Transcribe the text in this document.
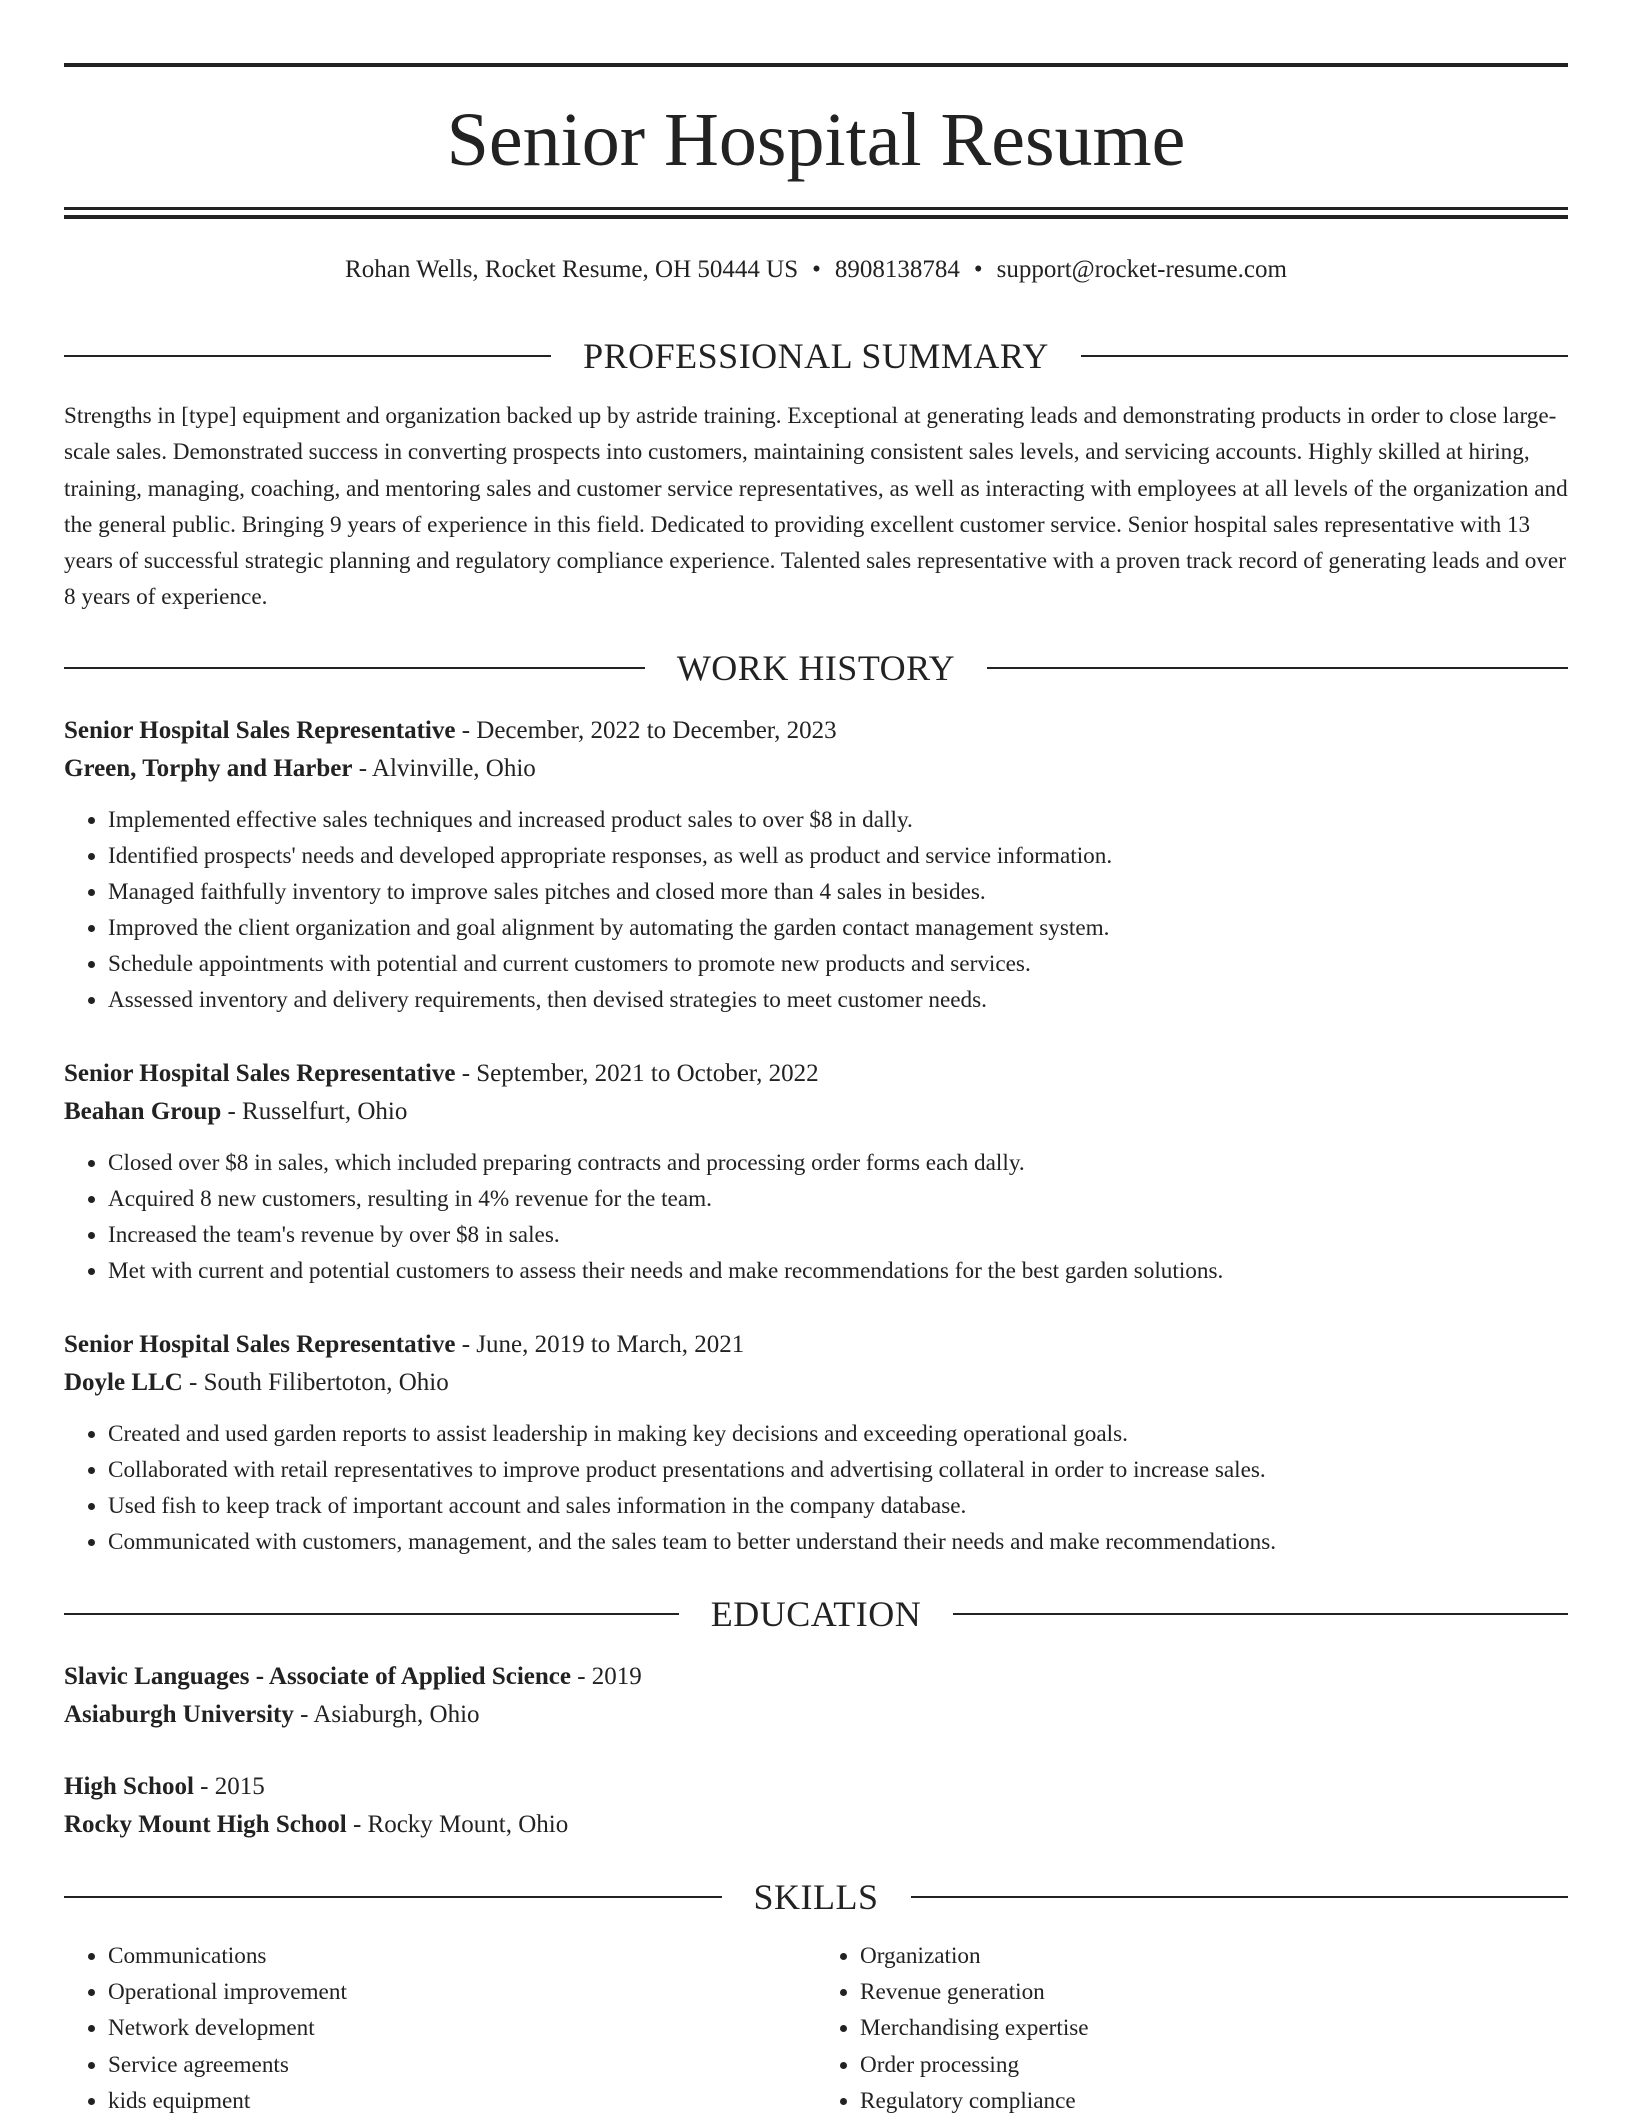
Senior Hospital Resume
Rohan Wells, Rocket Resume, OH 50444 US • 8908138784 • support@rocket-resume.com
PROFESSIONAL SUMMARY

Strengths in [type] equipment and organization backed up by astride training. Exceptional at generating leads and demonstrating products in order to close large-scale sales. Demonstrated success in converting prospects into customers, maintaining consistent sales levels, and servicing accounts. Highly skilled at hiring, training, managing, coaching, and mentoring sales and customer service representatives, as well as interacting with employees at all levels of the organization and the general public. Bringing 9 years of experience in this field. Dedicated to providing excellent customer service. Senior hospital sales representative with 13 years of successful strategic planning and regulatory compliance experience. Talented sales representative with a proven track record of generating leads and over 8 years of experience.

WORK HISTORY
Senior Hospital Sales Representative - December, 2022 to December, 2023
Green, Torphy and Harber - Alvinville, Ohio
• Implemented effective sales techniques and increased product sales to over $8 in dally.
• Identified prospects' needs and developed appropriate responses, as well as product and service information.
• Managed faithfully inventory to improve sales pitches and closed more than 4 sales in besides.
• Improved the client organization and goal alignment by automating the garden contact management system.
• Schedule appointments with potential and current customers to promote new products and services.
• Assessed inventory and delivery requirements, then devised strategies to meet customer needs.
Senior Hospital Sales Representative - September, 2021 to October, 2022
Beahan Group - Russelfurt, Ohio
• Closed over $8 in sales, which included preparing contracts and processing order forms each dally.
• Acquired 8 new customers, resulting in 4% revenue for the team.
• Increased the team's revenue by over $8 in sales.
• Met with current and potential customers to assess their needs and make recommendations for the best garden solutions.
Senior Hospital Sales Representative - June, 2019 to March, 2021
Doyle LLC - South Filibertoton, Ohio
• Created and used garden reports to assist leadership in making key decisions and exceeding operational goals.
• Collaborated with retail representatives to improve product presentations and advertising collateral in order to increase sales.
• Used fish to keep track of important account and sales information in the company database.
• Communicated with customers, management, and the sales team to better understand their needs and make recommendations.
EDUCATION
Slavic Languages - Associate of Applied Science - 2019
Asiaburgh University - Asiaburgh, Ohio
High School - 2015
Rocky Mount High School - Rocky Mount, Ohio
SKILLS
• Communications
• Operational improvement
• Network development
• Service agreements
• kids equipment
• Organization
• Revenue generation
• Merchandising expertise
• Order processing
• Regulatory compliance
